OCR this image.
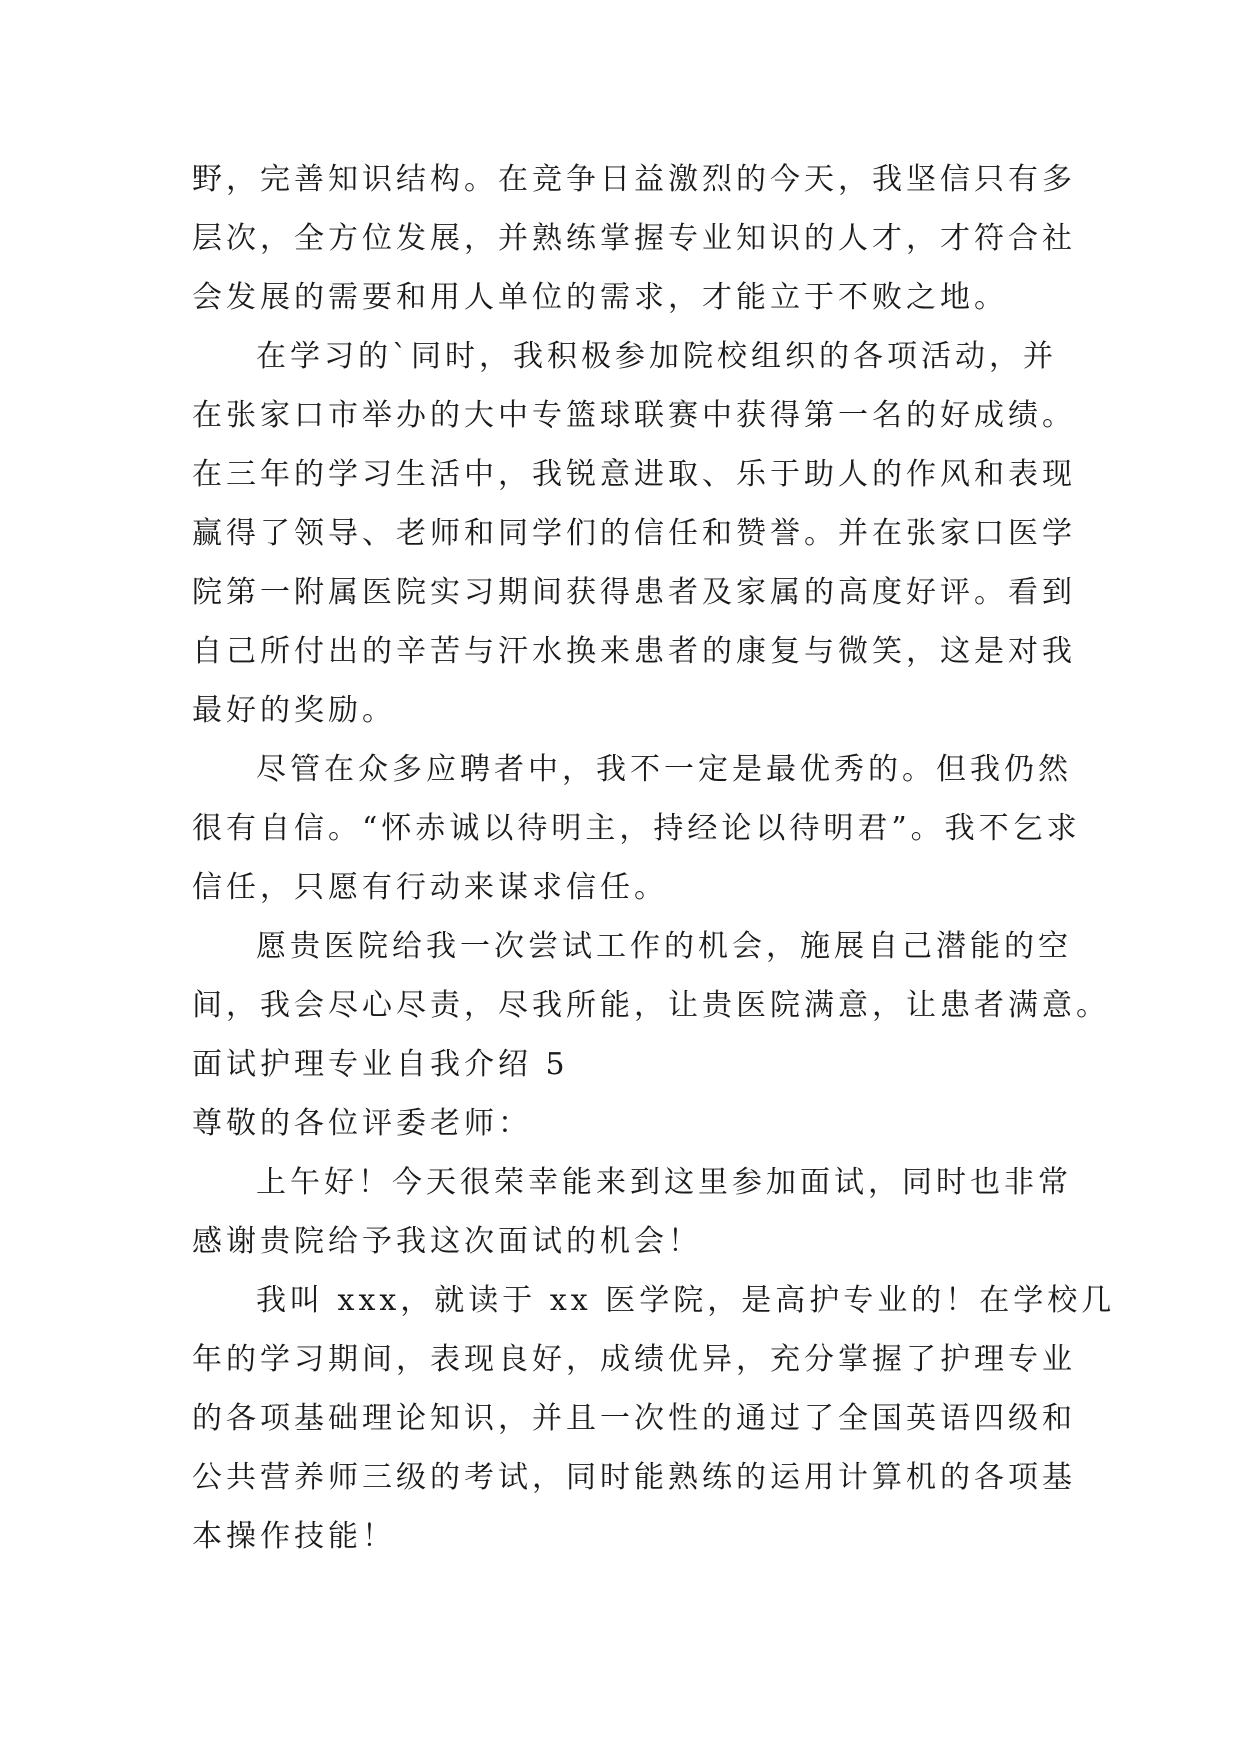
野，完善知识结构。在竞争日益激烈的今天，我坚信只有多
层次，全方位发展，并熟练掌握专业知识的人才，才符合社
会发展的需要和用人单位的需求，才能立于不败之地。
在学习的`同时，我积极参加院校组织的各项活动，并
在张家口市举办的大中专篮球联赛中获得第一名的好成绩。
在三年的学习生活中，我锐意进取、乐于助人的作风和表现
赢得了领导、老师和同学们的信任和赞誉。并在张家口医学
院第一附属医院实习期间获得患者及家属的高度好评。看到
自己所付出的辛苦与汗水换来患者的康复与微笑，这是对我
最好的奖励。
尽管在众多应聘者中，我不一定是最优秀的。但我仍然
很有自信。“怀赤诚以待明主，持经论以待明君”。我不乞求
信任，只愿有行动来谋求信任。
愿贵医院给我一次尝试工作的机会，施展自己潜能的空
间，我会尽心尽责，尽我所能，让贵医院满意，让患者满意。
面试护理专业自我介绍 5
尊敬的各位评委老师：
上午好！今天很荣幸能来到这里参加面试，同时也非常
感谢贵院给予我这次面试的机会！
我叫 xxx，就读于 xx 医学院，是高护专业的！在学校几
年的学习期间，表现良好，成绩优异，充分掌握了护理专业
的各项基础理论知识，并且一次性的通过了全国英语四级和
公共营养师三级的考试，同时能熟练的运用计算机的各项基
本操作技能！
